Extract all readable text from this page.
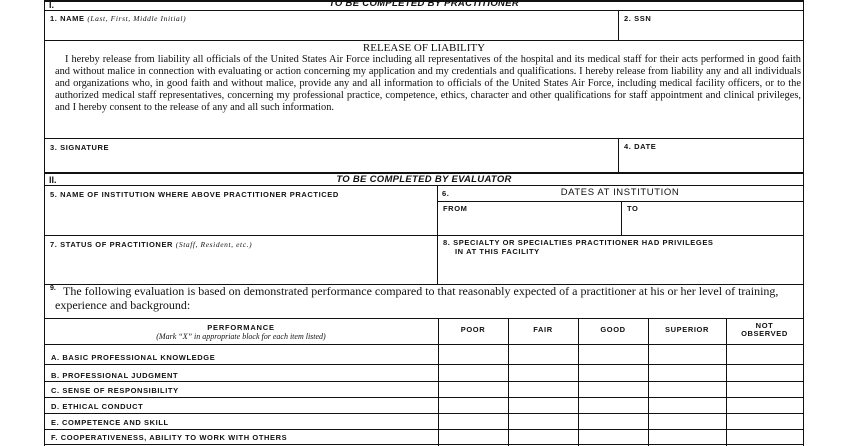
I.	TO BE COMPLETED BY PRACTITIONER
1. NAME (Last, First, Middle Initial)	2. SSN
RELEASE OF LIABILITY
I hereby release from liability all officials of the United States Air Force including all representatives of the hospital and its medical staff for their acts performed in good faith and without malice in connection with evaluating or action concerning my application and my credentials and qualifications. I hereby release from liability any and all individuals and organizations who, in good faith and without malice, provide any and all information to officials of the United States Air Force, including medical facility officers, or to the authorized medical staff representatives, concerning my professional practice, competence, ethics, character and other qualifications for staff appointment and clinical privileges, and I hereby consent to the release of any and all such information.
3. SIGNATURE	4. DATE
II.	TO BE COMPLETED BY EVALUATOR
5. NAME OF INSTITUTION WHERE ABOVE PRACTITIONER PRACTICED	6.	DATES AT INSTITUTION
FROM	TO
7. STATUS OF PRACTITIONER (Staff, Resident, etc.)	8. SPECIALTY OR SPECIALTIES PRACTITIONER HAD PRIVILEGES
IN AT THIS FACILITY
9. The following evaluation is based on demonstrated performance compared to that reasonably expected of a practitioner at his or her level of training, experience and background:
PERFORMANCE
(Mark “X” in appropriate block for each item listed)
POOR	FAIR	GOOD	SUPERIOR	NOT
OBSERVED
A. BASIC PROFESSIONAL KNOWLEDGE
B. PROFESSIONAL JUDGMENT
C. SENSE OF RESPONSIBILITY
D. ETHICAL CONDUCT
E. COMPETENCE AND SKILL
F. COOPERATIVENESS, ABILITY TO WORK WITH OTHERS
